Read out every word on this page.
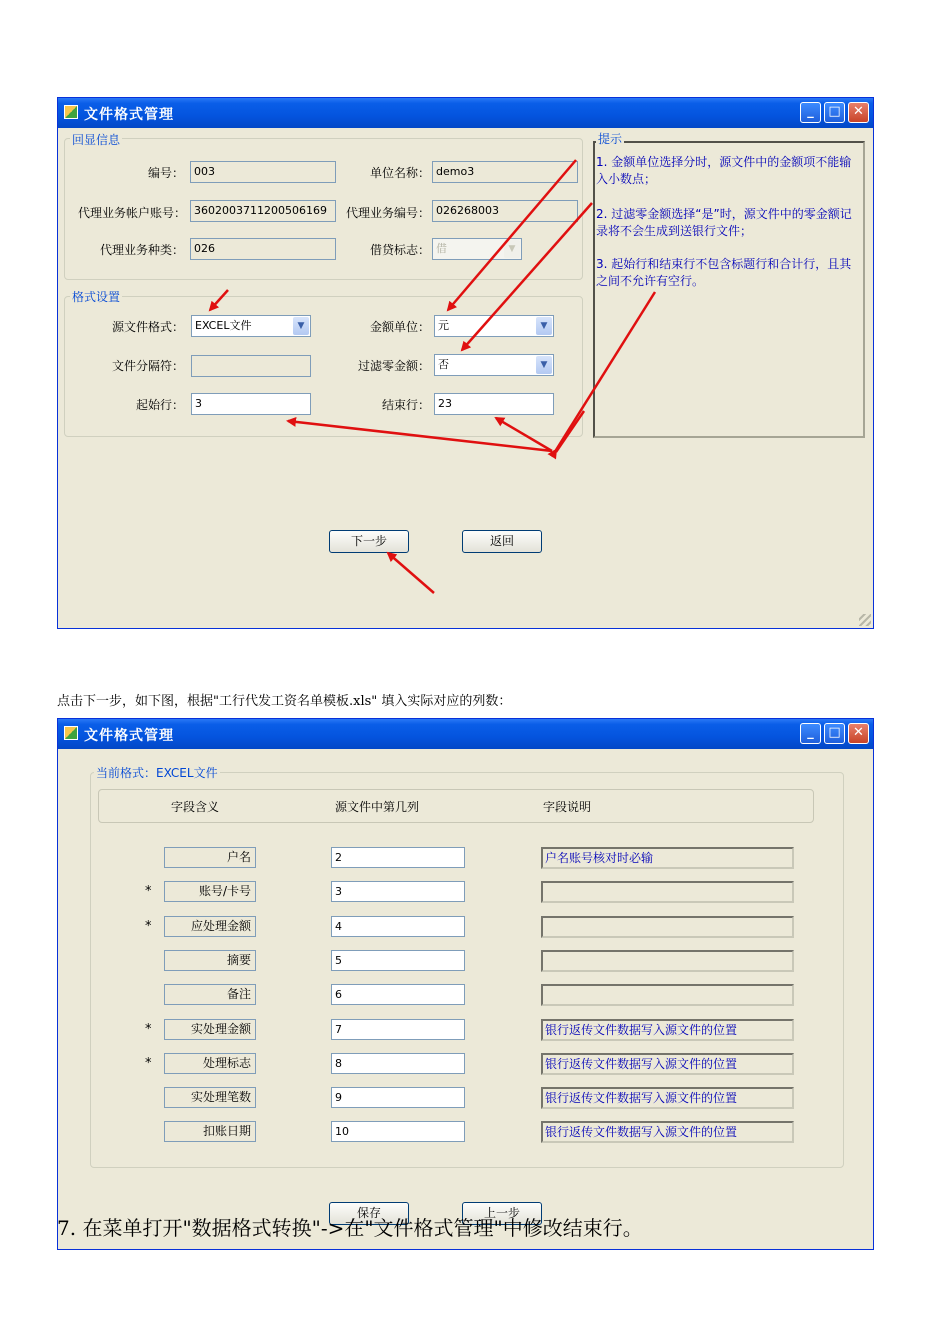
文件格式管理	_	□ ✕
回显信息
编号： 003	单位名称： demo3
代理业务帐户账号： 3602003711200506169	代理业务编号： 026268003
代理业务种类： 026	借贷标志： 借	▼
格式设置
源文件格式：	EXCEL文件	▼	金额单位： 元	▼
文件分隔符：	过滤零金额： 否	▼
起始行：	3	结束行： 23
提示
1. 金额单位选择分时，源文件中的金额项不能输入小数点；
2. 过滤零金额选择“是”时，源文件中的零金额记录将不会生成到送银行文件；
3. 起始行和结束行不包含标题行和合计行，且其之间不允许有空行。
下一步	返回
点击下一步，如下图，根据"工行代发工资名单模板.xls" 填入实际对应的列数：
文件格式管理	_	□ ✕
当前格式：EXCEL文件
字段含义	源文件中第几列	字段说明
户名	2	户名账号核对时必输
*	账号/卡号	3
*	应处理金额	4
摘要	5
备注	6
*	实处理金额	7	银行返传文件数据写入源文件的位置
*	处理标志	8	银行返传文件数据写入源文件的位置
实处理笔数	9	银行返传文件数据写入源文件的位置
扣账日期	10	银行返传文件数据写入源文件的位置
保存	上一步
7. 在菜单打开"数据格式转换"->在"文件格式管理"中修改结束行。
